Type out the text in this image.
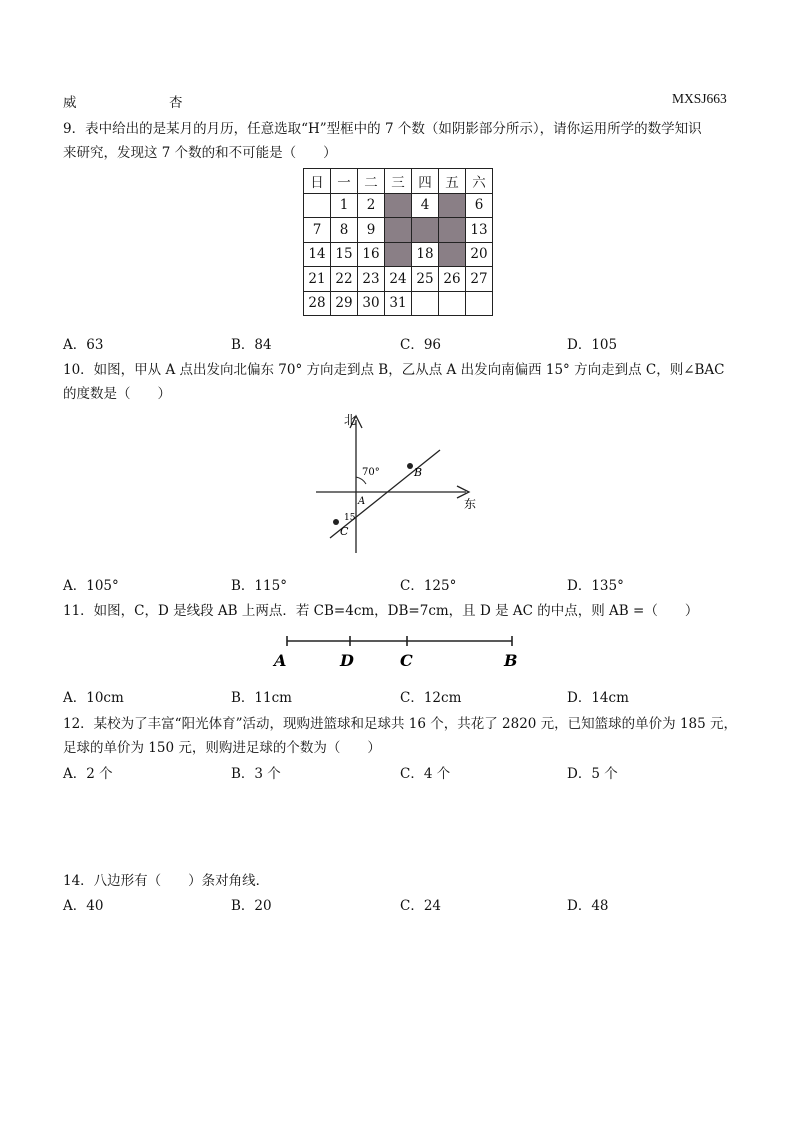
威	杏	MXSJ663
9．表中给出的是某月的月历，任意选取“H”型框中的 7 个数（如阴影部分所示），请你运用所学的数学知识
来研究，发现这 7 个数的和不可能是（　　）
日	一	二	三	四	五	六
	1	2		4		6
7	8	9				13
14	15	16		18		20
21	22	23	24	25	26	27
28	29	30	31			
A．63	B．84	C．96	D．105
10．如图，甲从 A 点出发向北偏东 70° 方向走到点 B，乙从点 A 出发向南偏西 15° 方向走到点 C，则∠BAC
的度数是（　　）
北
东
70°
15
A
B
C
A．105°	B．115°	C．125°	D．135°
11．如图，C，D 是线段 AB 上两点．若 CB=4cm，DB=7cm，且 D 是 AC 的中点，则 AB =（　　）
A	D	C	B
A．10cm	B．11cm	C．12cm	D．14cm
12．某校为了丰富“阳光体育”活动，现购进篮球和足球共 16 个，共花了 2820 元，已知篮球的单价为 185 元，
足球的单价为 150 元，则购进足球的个数为（　　）
A．2 个	B．3 个	C．4 个	D．5 个
14．八边形有（　　）条对角线．
A．40	B．20	C．24	D．48
